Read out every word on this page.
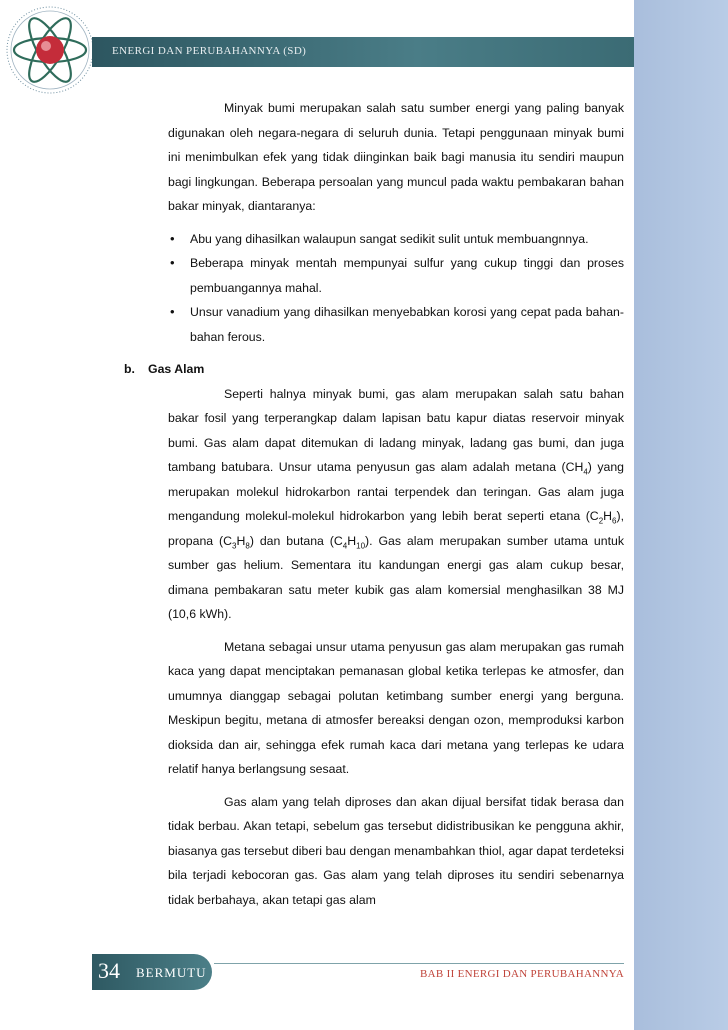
ENERGI DAN PERUBAHANNYA (SD)

Minyak bumi merupakan salah satu sumber energi yang paling banyak digunakan oleh negara-negara di seluruh dunia. Tetapi penggunaan minyak bumi ini menimbulkan efek yang tidak diinginkan baik bagi manusia itu sendiri maupun bagi lingkungan. Beberapa persoalan yang muncul pada waktu pembakaran bahan bakar minyak, diantaranya:

• Abu yang dihasilkan walaupun sangat sedikit sulit untuk membuangnnya.
• Beberapa minyak mentah mempunyai sulfur yang cukup tinggi dan proses pembuangannya mahal.
• Unsur vanadium yang dihasilkan menyebabkan korosi yang cepat pada bahan-bahan ferous.
b.	Gas Alam

Seperti halnya minyak bumi, gas alam merupakan salah satu bahan bakar fosil yang terperangkap dalam lapisan batu kapur diatas reservoir minyak bumi. Gas alam dapat ditemukan di ladang minyak, ladang gas bumi, dan juga tambang batubara. Unsur utama penyusun gas alam adalah metana $(CH_4)$ yang merupakan molekul hidrokarbon rantai terpendek dan teringan. Gas alam juga mengandung molekul-molekul hidrokarbon yang lebih berat seperti etana $(C_2H_6)$, propana $(C_3H_8)$ dan butana $(C_4H_{10})$. Gas alam merupakan sumber utama untuk sumber gas helium. Sementara itu kandungan energi gas alam cukup besar, dimana pembakaran satu meter kubik gas alam komersial menghasilkan 38 MJ (10,6 kWh).

Metana sebagai unsur utama penyusun gas alam merupakan gas rumah kaca yang dapat menciptakan pemanasan global ketika terlepas ke atmosfer, dan umumnya dianggap sebagai polutan ketimbang sumber energi yang berguna. Meskipun begitu, metana di atmosfer bereaksi dengan ozon, memproduksi karbon dioksida dan air, sehingga efek rumah kaca dari metana yang terlepas ke udara relatif hanya berlangsung sesaat.

Gas alam yang telah diproses dan akan dijual bersifat tidak berasa dan tidak berbau. Akan tetapi, sebelum gas tersebut didistribusikan ke pengguna akhir, biasanya gas tersebut diberi bau dengan menambahkan thiol, agar dapat terdeteksi bila terjadi kebocoran gas. Gas alam yang telah diproses itu sendiri sebenarnya tidak berbahaya, akan tetapi gas alam

34 BERMUTU	BAB II ENERGI DAN PERUBAHANNYA
